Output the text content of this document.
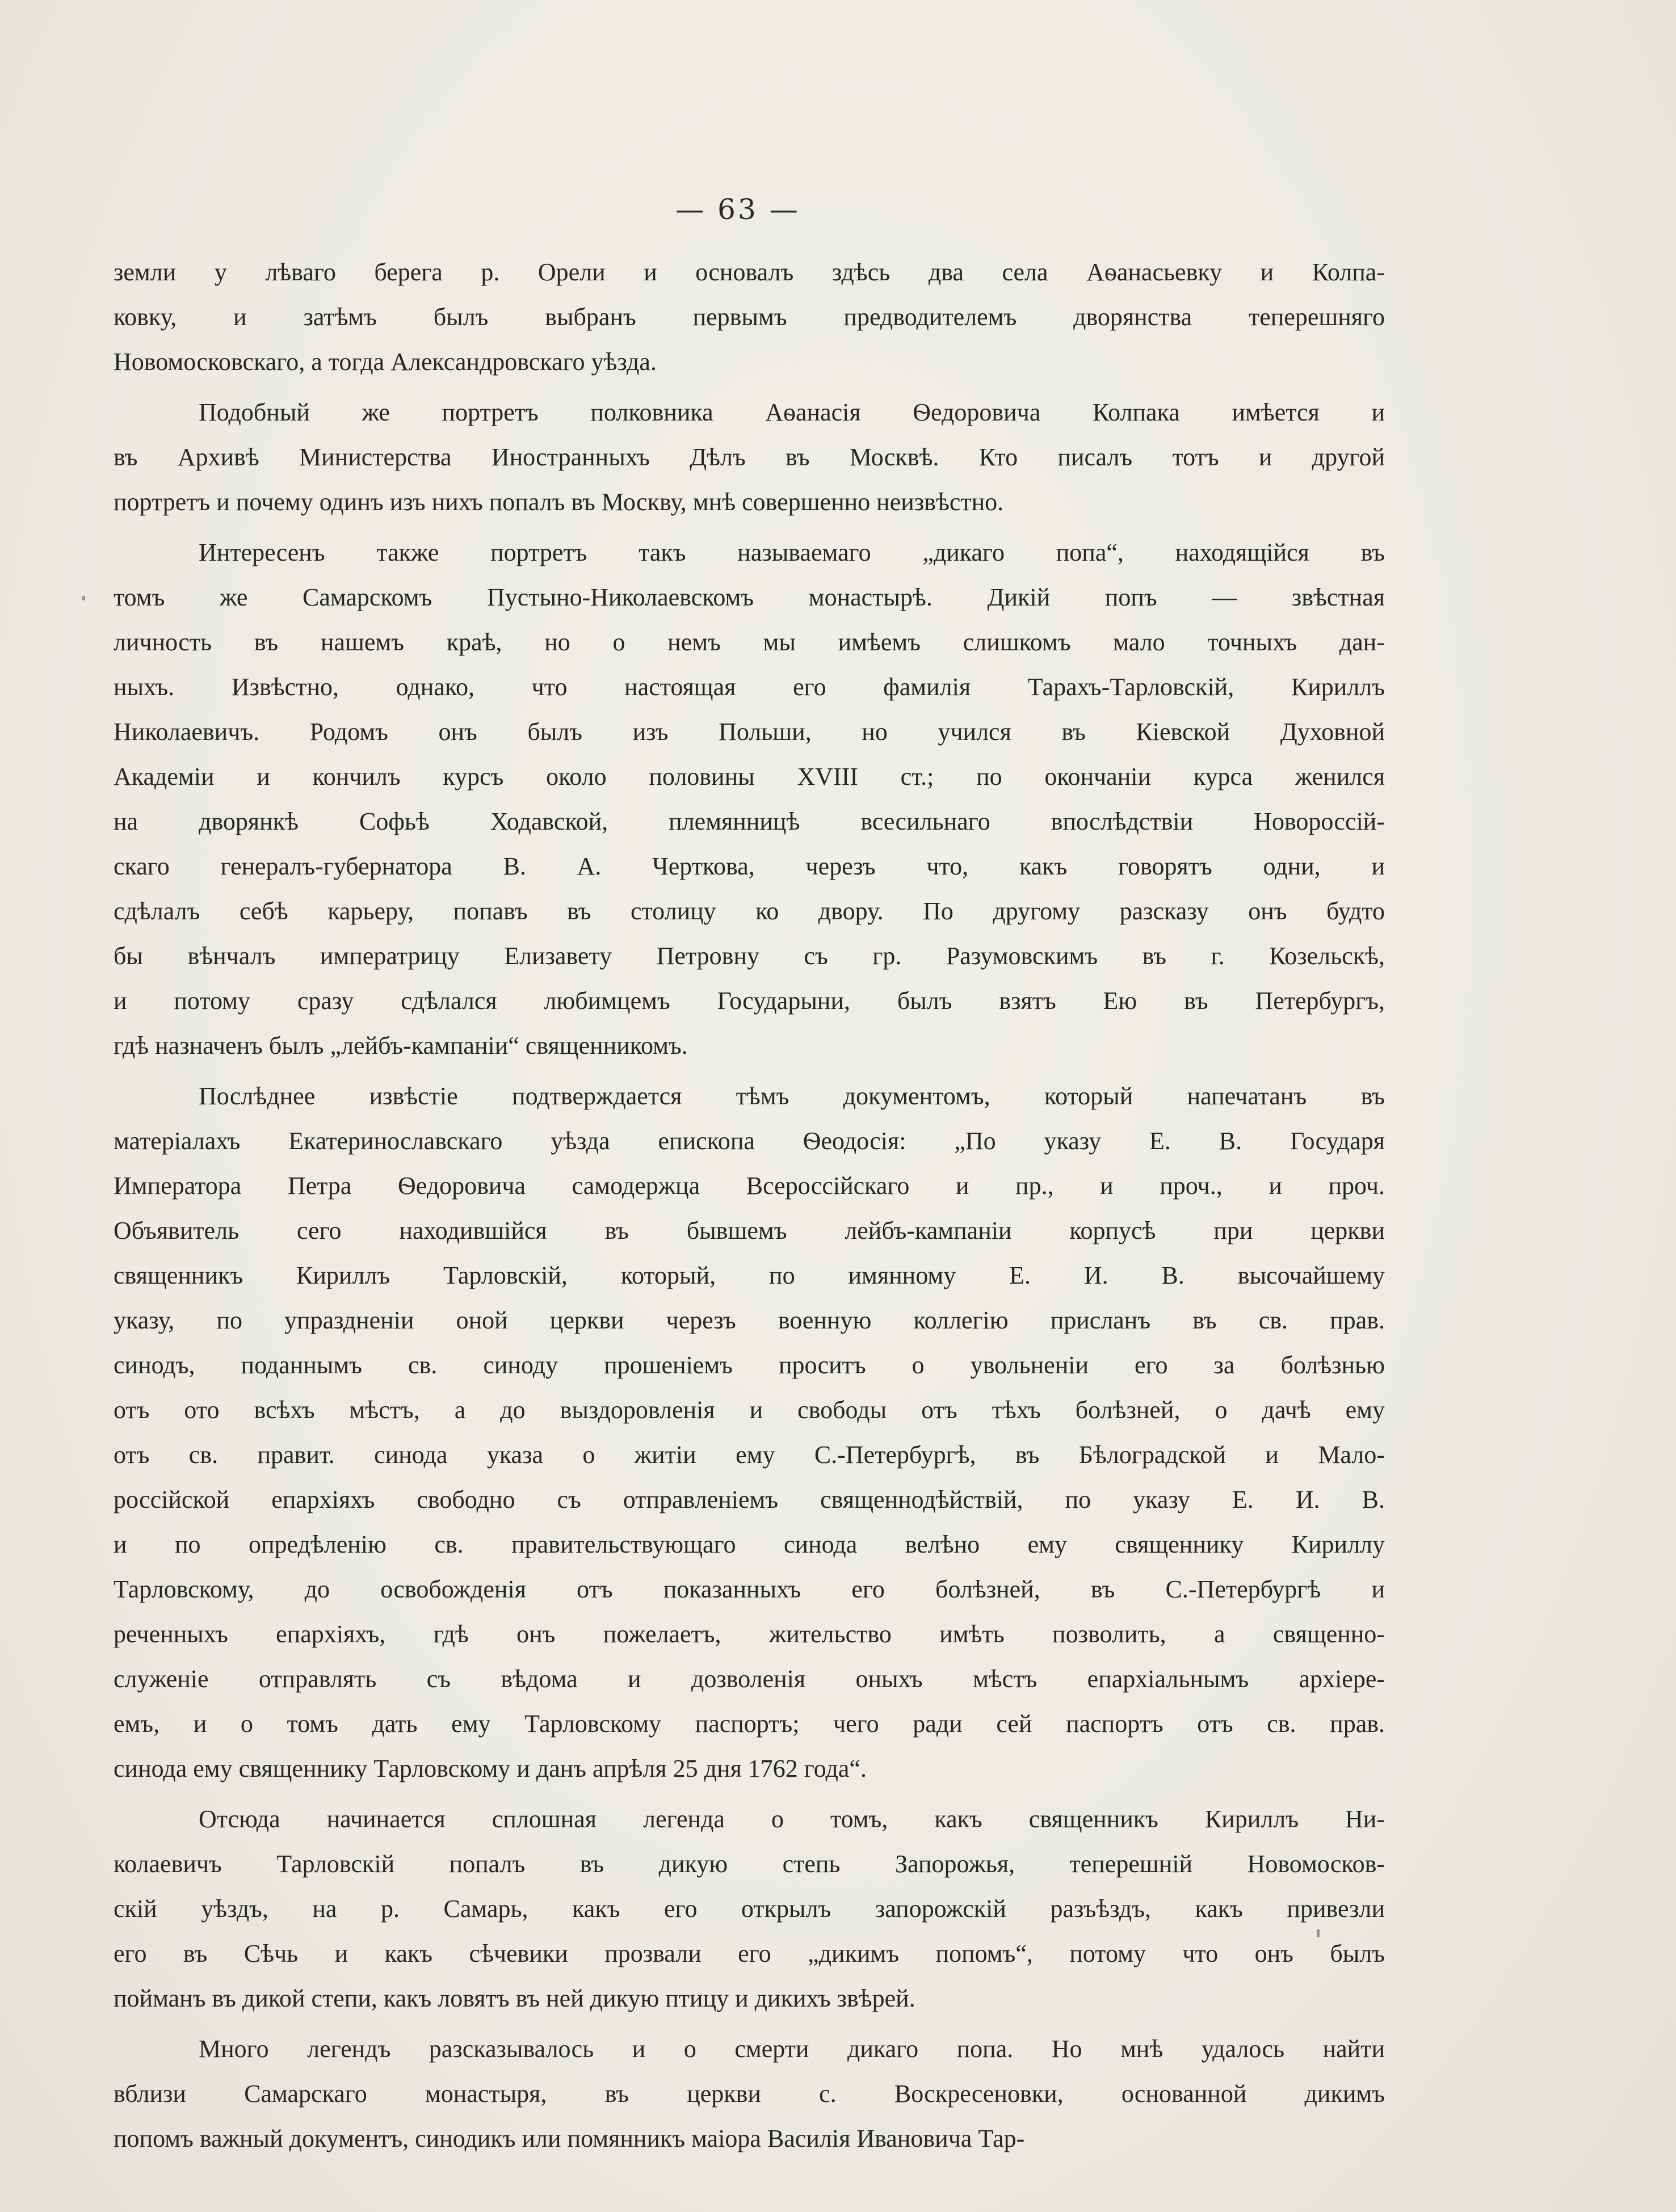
— 63 —
земли у лѣваго берега р. Орели и основалъ здѣсь два села Аѳанасьевку и Колпа-
ковку, и затѣмъ былъ выбранъ первымъ предводителемъ дворянства теперешняго
Новомосковскаго, а тогда Александровскаго уѣзда.
Подобный же портретъ полковника Аѳанасія Ѳедоровича Колпака имѣется и
въ Архивѣ Министерства Иностранныхъ Дѣлъ въ Москвѣ. Кто писалъ тотъ и другой
портретъ и почему одинъ изъ нихъ попалъ въ Москву, мнѣ совершенно неизвѣстно.
Интересенъ также портретъ такъ называемаго „дикаго попа“, находящійся въ
томъ же Самарскомъ Пустыно-Николаевскомъ монастырѣ. Дикій попъ — звѣстная
личность въ нашемъ краѣ, но о немъ мы имѣемъ слишкомъ мало точныхъ дан-
ныхъ. Извѣстно, однако, что настоящая его фамилія Тарахъ-Тарловскій, Кириллъ
Николаевичъ. Родомъ онъ былъ изъ Польши, но учился въ Кіевской Духовной
Академіи и кончилъ курсъ около половины XVIII ст.; по окончаніи курса женился
на дворянкѣ Софьѣ Ходавской, племянницѣ всесильнаго впослѣдствіи Новороссій-
скаго генералъ-губернатора В. А. Черткова, черезъ что, какъ говорятъ одни, и
сдѣлалъ себѣ карьеру, попавъ въ столицу ко двору. По другому разсказу онъ будто
бы вѣнчалъ императрицу Елизавету Петровну съ гр. Разумовскимъ въ г. Козельскѣ,
и потому сразу сдѣлался любимцемъ Государыни, былъ взятъ Ею въ Петербургъ,
гдѣ назначенъ былъ „лейбъ-кампаніи“ священникомъ.
Послѣднее извѣстіе подтверждается тѣмъ документомъ, который напечатанъ въ
матеріалахъ Екатеринославскаго уѣзда епископа Ѳеодосія: „По указу Е. В. Государя
Императора Петра Ѳедоровича самодержца Всероссійскаго и пр., и проч., и проч.
Объявитель сего находившійся въ бывшемъ лейбъ-кампаніи корпусѣ при церкви
священникъ Кириллъ Тарловскій, который, по имянному Е. И. В. высочайшему
указу, по упраздненіи оной церкви черезъ военную коллегію присланъ въ св. прав.
синодъ, поданнымъ св. синоду прошеніемъ проситъ о увольненіи его за болѣзнью
отъ ото всѣхъ мѣстъ, а до выздоровленія и свободы отъ тѣхъ болѣзней, о дачѣ ему
отъ св. правит. синода указа о житіи ему С.-Петербургѣ, въ Бѣлоградской и Мало-
россійской епархіяхъ свободно съ отправленіемъ священнодѣйствій, по указу Е. И. В.
и по опредѣленію св. правительствующаго синода велѣно ему священнику Кириллу
Тарловскому, до освобожденія отъ показанныхъ его болѣзней, въ С.-Петербургѣ и
реченныхъ епархіяхъ, гдѣ онъ пожелаетъ, жительство имѣть позволить, а священно-
служеніе отправлять съ вѣдома и дозволенія оныхъ мѣстъ епархіальнымъ архіере-
емъ, и о томъ дать ему Тарловскому паспортъ; чего ради сей паспортъ отъ св. прав.
синода ему священнику Тарловскому и данъ апрѣля 25 дня 1762 года“.
Отсюда начинается сплошная легенда о томъ, какъ священникъ Кириллъ Ни-
колаевичъ Тарловскій попалъ въ дикую степь Запорожья, теперешній Новомосков-
скій уѣздъ, на р. Самарь, какъ его открылъ запорожскій разъѣздъ, какъ привезли
его въ Сѣчь и какъ сѣчевики прозвали его „дикимъ попомъ“, потому что онъ былъ
пойманъ въ дикой степи, какъ ловятъ въ ней дикую птицу и дикихъ звѣрей.
Много легендъ разсказывалось и о смерти дикаго попа. Но мнѣ удалось найти
вблизи Самарскаго монастыря, въ церкви с. Воскресеновки, основанной дикимъ
попомъ важный документъ, синодикъ или помянникъ маіора Василія Ивановича Тар-
